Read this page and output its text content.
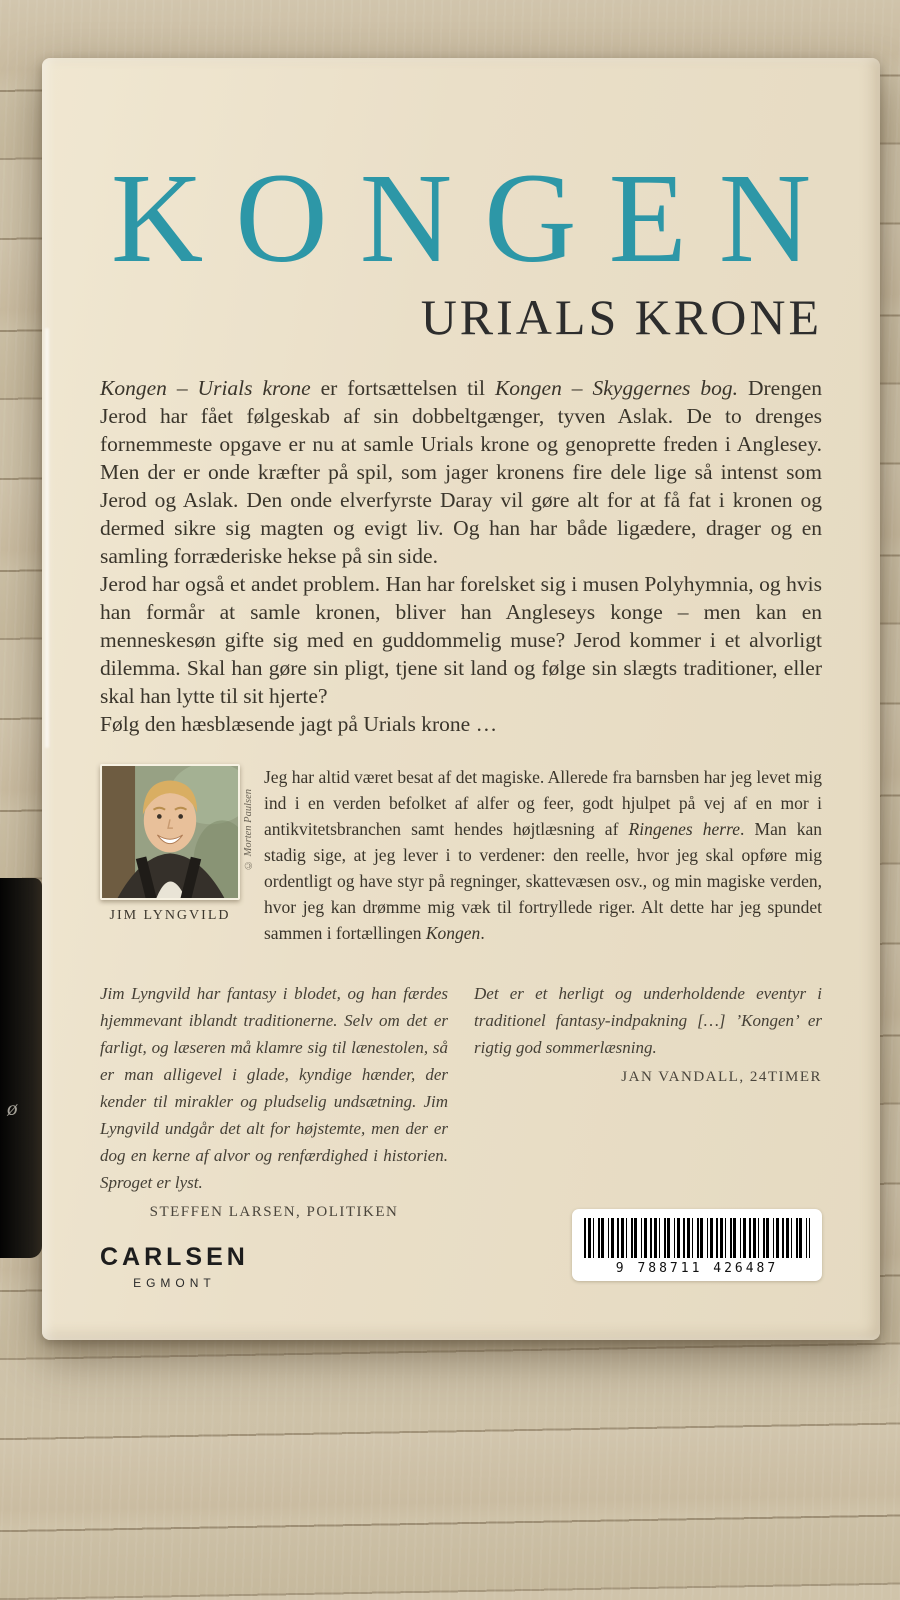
ø
KONGEN
URIALS KRONE

Kongen – Urials krone er fortsættelsen til Kongen – Skyggernes bog. Drengen Jerod har fået følgeskab af sin dobbeltgænger, tyven Aslak. De to drenges fornemmeste opgave er nu at samle Urials krone og genoprette freden i Anglesey. Men der er onde kræfter på spil, som jager kronens fire dele lige så intenst som Jerod og Aslak. Den onde elverfyrste Daray vil gøre alt for at få fat i kronen og dermed sikre sig magten og evigt liv. Og han har både ligædere, drager og en samling forræderiske hekse på sin side.

Jerod har også et andet problem. Han har forelsket sig i musen Polyhymnia, og hvis han formår at samle kronen, bliver han Angleseys konge – men kan en menneskesøn gifte sig med en guddommelig muse? Jerod kommer i et alvorligt dilemma. Skal han gøre sin pligt, tjene sit land og følge sin slægts traditioner, eller skal han lytte til sit hjerte?

Følg den hæsblæsende jagt på Urials krone …

JIM LYNGVILD
© Morten Paulsen

Jeg har altid været besat af det magiske. Allerede fra barnsben har jeg levet mig ind i en verden befolket af alfer og feer, godt hjulpet på vej af en mor i antikvitetsbranchen samt hendes højtlæsning af Ringenes herre. Man kan stadig sige, at jeg lever i to verdener: den reelle, hvor jeg skal opføre mig ordentligt og have styr på regninger, skattevæsen osv., og min magiske verden, hvor jeg kan drømme mig væk til fortryllede riger. Alt dette har jeg spundet sammen i fortællingen Kongen.

Jim Lyngvild har fantasy i blodet, og han færdes hjemmevant iblandt traditionerne. Selv om det er farligt, og læseren må klamre sig til lænestolen, så er man alligevel i glade, kyndige hænder, der kender til mirakler og pludselig undsætning. Jim Lyngvild undgår det alt for højstemte, men der er dog en kerne af alvor og renfærdighed i historien. Sproget er lyst.

STEFFEN LARSEN, POLITIKEN

Det er et herligt og underholdende eventyr i traditionel fantasy-indpakning […] ’Kongen’ er rigtig god sommerlæsning.

JAN VANDALL, 24TIMER
CARLSEN
EGMONT
9 788711 426487
